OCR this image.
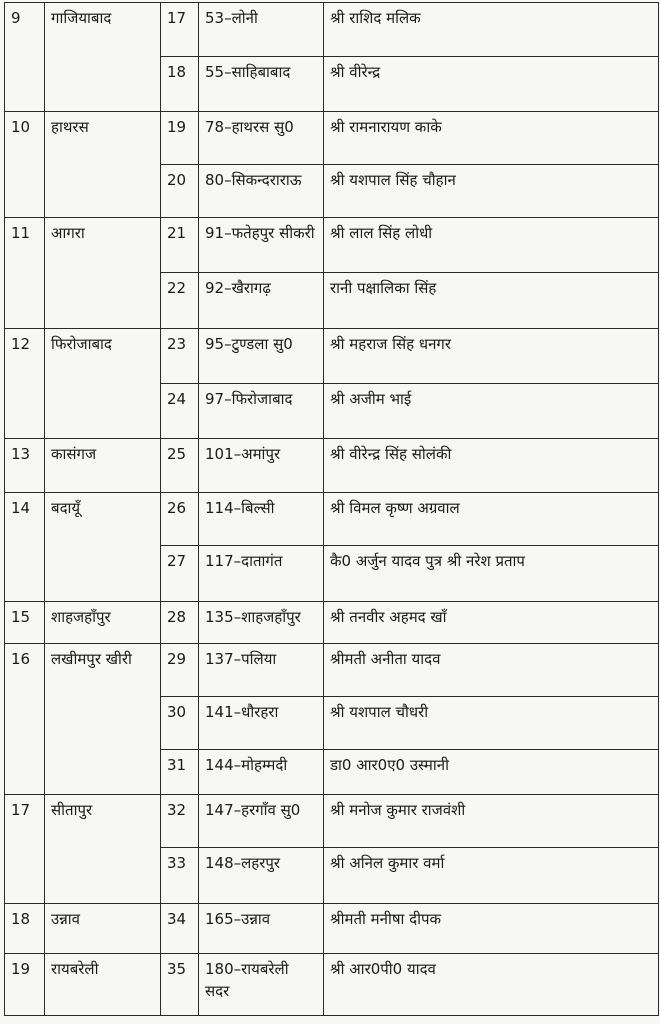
9	गाजियाबाद	17	53–लोनी	श्री राशिद मलिक
		18	55–साहिबाबाद	श्री वीरेन्द्र
10	हाथरस	19	78–हाथरस सु0	श्री रामनारायण काके
		20	80–सिकन्दराराऊ	श्री यशपाल सिंह चौहान
11	आगरा	21	91–फतेहपुर सीकरी	श्री लाल सिंह लोधी
		22	92–खैरागढ़	रानी पक्षालिका सिंह
12	फिरोजाबाद	23	95–टुण्डला सु0	श्री महराज सिंह धनगर
		24	97–फिरोजाबाद	श्री अजीम भाई
13	कासंगज	25	101–अमांपुर	श्री वीरेन्द्र सिंह सोलंकी
14	बदायूँ	26	114–बिल्सी	श्री विमल कृष्ण अग्रवाल
		27	117–दातागंत	कै0 अर्जुन यादव पुत्र श्री नरेश प्रताप
15	शाहजहाँपुर	28	135–शाहजहाँपुर	श्री तनवीर अहमद खाँ
16	लखीमपुर खीरी	29	137–पलिया	श्रीमती अनीता यादव
		30	141–धौरहरा	श्री यशपाल चौधरी
		31	144–मोहम्मदी	डा0 आर0ए0 उस्मानी
17	सीतापुर	32	147–हरगाँव सु0	श्री मनोज कुमार राजवंशी
		33	148–लहरपुर	श्री अनिल कुमार वर्मा
18	उन्नाव	34	165–उन्नाव	श्रीमती मनीषा दीपक
19	रायबरेली	35	180–रायबरेली सदर	श्री आर0पी0 यादव
